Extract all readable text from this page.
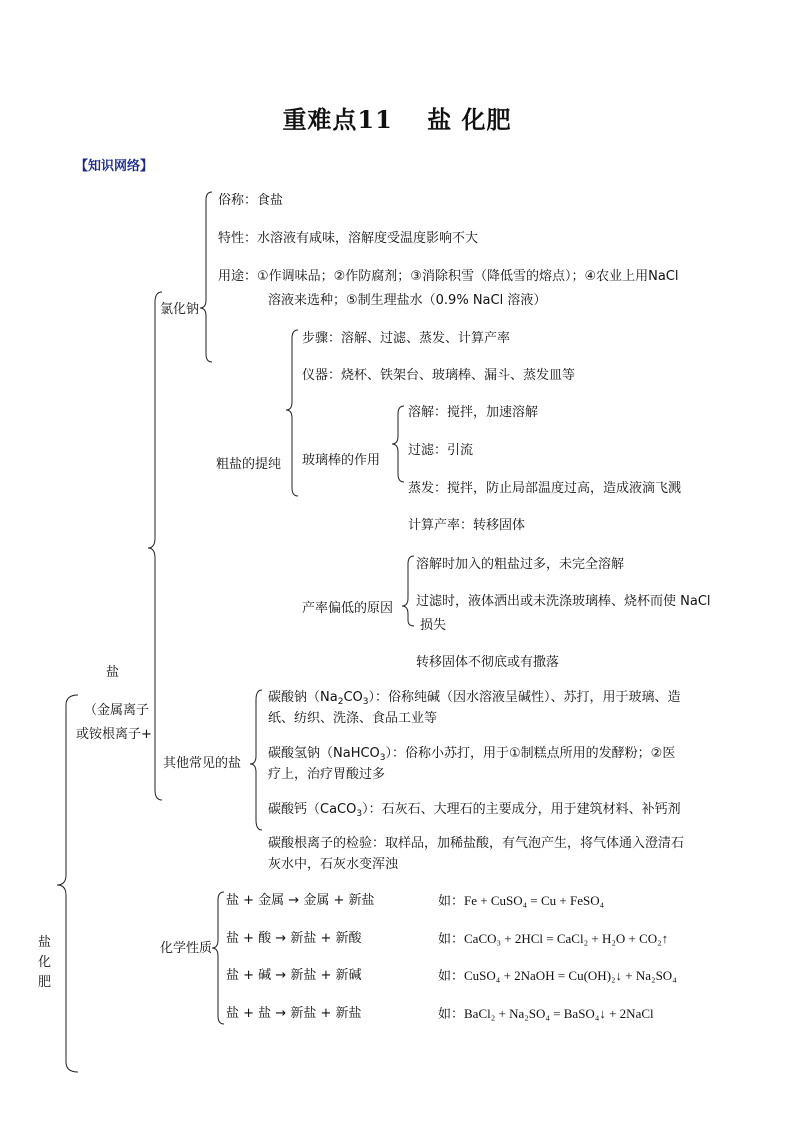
重难点11　 盐 化肥
【知识网络】
盐
化
肥
盐
（金属离子
或铵根离子+
氯化钠
俗称：食盐
特性：水溶液有咸味，溶解度受温度影响不大
用途：①作调味品；②作防腐剂；③消除积雪（降低雪的熔点）；④农业上用NaCl
溶液来选种；⑤制生理盐水（0.9% NaCl 溶液）
粗盐的提纯
步骤：溶解、过滤、蒸发、计算产率
仪器：烧杯、铁架台、玻璃棒、漏斗、蒸发皿等
玻璃棒的作用
溶解：搅拌，加速溶解
过滤：引流
蒸发：搅拌，防止局部温度过高，造成液滴飞溅
计算产率：转移固体
产率偏低的原因
溶解时加入的粗盐过多，未完全溶解
过滤时，液体洒出或未洗涤玻璃棒、烧杯而使 NaCl
损失
转移固体不彻底或有撒落
其他常见的盐
碳酸钠$(Na_2CO_3)$：俗称纯碱（因水溶液呈碱性）、苏打，用于玻璃、造
纸、纺织、洗涤、食品工业等
碳酸氢钠（NaHCO$_3$）：俗称小苏打，用于①制糕点所用的发酵粉；②医
疗上，治疗胃酸过多
碳酸钙（CaCO$_3$）：石灰石、大理石的主要成分，用于建筑材料、补钙剂
碳酸根离子的检验：取样品，加稀盐酸，有气泡产生，将气体通入澄清石
灰水中，石灰水变浑浊
化学性质
盐 + 金属 → 金属 + 新盐
盐 + 酸 → 新盐 + 新酸
盐 + 碱 → 新盐 + 新碱
盐 + 盐 → 新盐 + 新盐
如：Fe + CuSO₄ = Cu + FeSO₄
如：CaCO₃ + 2HCl = CaCl₂ + H₂O + CO₂↑
如：CuSO₄ + 2NaOH = Cu(OH)₂↓ + Na₂SO₄
如：BaCl₂ + Na₂SO₄ = BaSO₄↓ + 2NaCl
